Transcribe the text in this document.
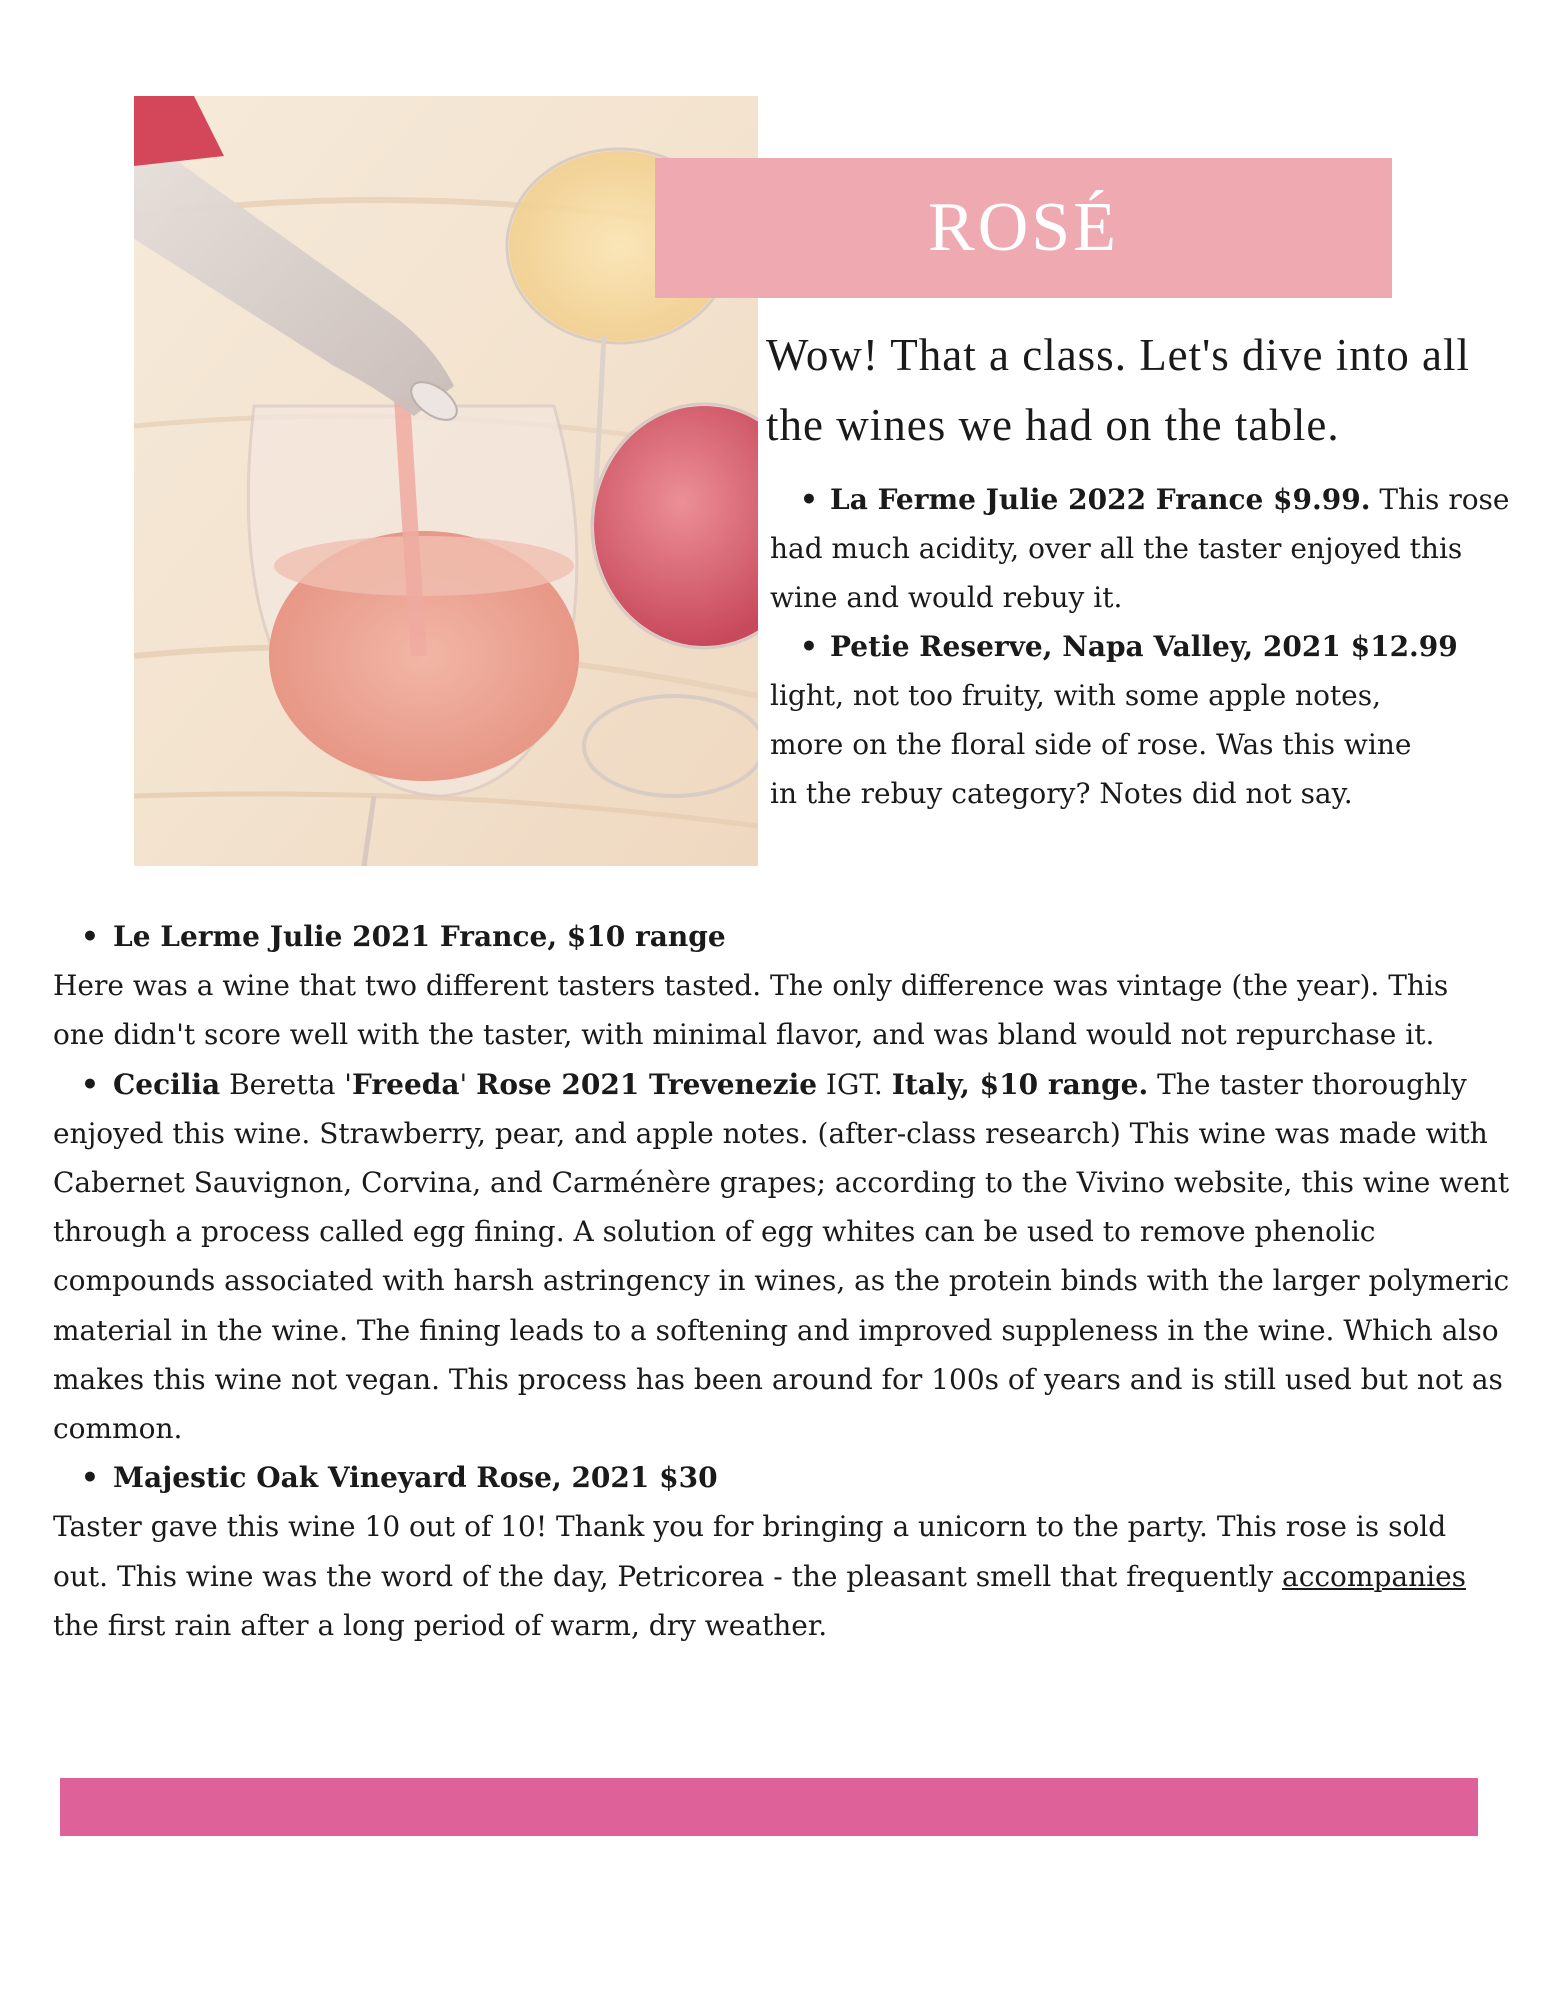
ROSÉ

Wow! That a class. Let's dive into all the wines we had on the table.

• La Ferme Julie 2022 France $9.99. This rose

had much acidity, over all the taster enjoyed this wine and would rebuy it.

• Petie Reserve, Napa Valley, 2021 $12.99

light, not too fruity, with some apple notes, more on the floral side of rose. Was this wine in the rebuy category? Notes did not say.

• Le Lerme Julie 2021 France, $10 range

Here was a wine that two different tasters tasted. The only difference was vintage (the year). This one didn't score well with the taster, with minimal flavor, and was bland would not repurchase it.

• Cecilia Beretta 'Freeda' Rose 2021 Trevenezie IGT. Italy, $10 range. The taster thoroughly

enjoyed this wine. Strawberry, pear, and apple notes. (after-class research) This wine was made with Cabernet Sauvignon, Corvina, and Carménère grapes; according to the Vivino website, this wine went through a process called egg fining. A solution of egg whites can be used to remove phenolic compounds associated with harsh astringency in wines, as the protein binds with the larger polymeric material in the wine. The fining leads to a softening and improved suppleness in the wine. Which also makes this wine not vegan. This process has been around for 100s of years and is still used but not as common.

• Majestic Oak Vineyard Rose, 2021 $30

Taster gave this wine 10 out of 10! Thank you for bringing a unicorn to the party. This rose is sold out. This wine was the word of the day, Petricorea - the pleasant smell that frequently accompanies the first rain after a long period of warm, dry weather.
